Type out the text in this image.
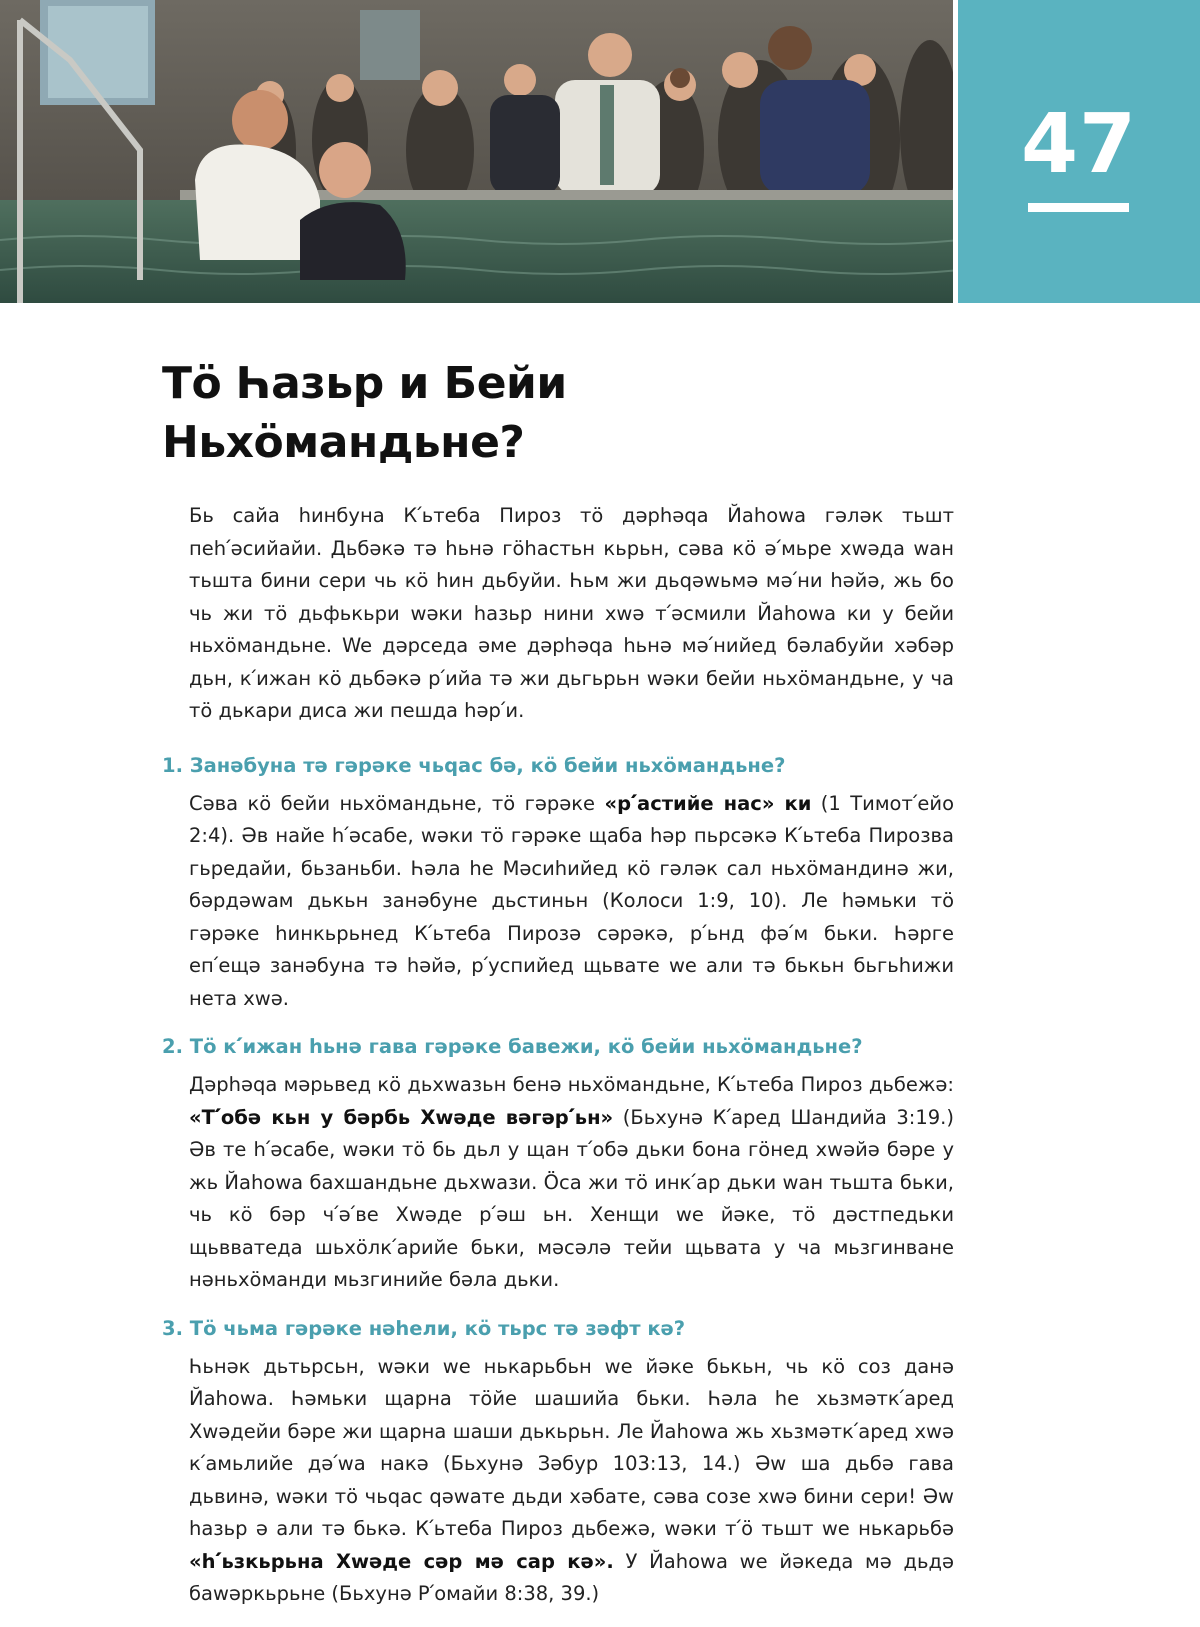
47
Тӧ Һазьр и Бейи
Ньхӧмандьне?

Бь сайа һинбуна К՛ьтеба Пироз тӧ дəрһəqа Йаһоwа гəлəк тьшт пеһ՛əсийайи. Дьбəкə тə һьнə гӧһастьн кьрьн, сəва кӧ ə՛мьре хwəда wан тьшта бини сери чь кӧ һин дьбуйи. Һьм жи дьqəwьмə мə՛ни һəйə, жь бо чь жи тӧ дьфькьри wəки һазьр нини хwə т՛əсмили Йаһоwа ки у бейи ньхӧмандьне. We дəрседа əме дəрһəqа һьнə мə՛нийед бəлабуйи хəбəр дьн, к՛ижан кӧ дьбəкə р՛ийа тə жи дьгьрьн wəки бейи ньхӧмандьне, у ча тӧ дькари диса жи пешда һəр՛и.

1. Занəбуна тə гəрəке чьqас бə, кӧ бейи ньхӧмандьне?

Сəва кӧ бейи ньхӧмандьне, тӧ гəрəке «р՛астийе нас» ки (1 Тимот՛ейо 2:4). Əв найе һ՛əсабе, wəки тӧ гəрəке щаба һəр пьрсəкə К՛ьтеба Пирозва гьредайи, бьзаньби. Һəла һе Мəсиһийед кӧ гəлəк сал ньхӧмандинə жи, бəрдəwам дькьн занəбуне дьстиньн (Колоси 1:9, 10). Ле һəмьки тӧ гəрəке һинкьрьнед К՛ьтеба Пирозə сəрəкə, р՛ьнд фə՛м бьки. Һəрге еп՛ещə занəбуна тə һəйə, р՛успийед щьвате we али тə бькьн бьгьһижи нета хwə.

2. Тӧ к՛ижан һьнə гава гəрəке бавежи, кӧ бейи ньхӧмандьне?

Дəрһəqа мəрьвед кӧ дьхwазьн бенə ньхӧмандьне, К՛ьтеба Пироз дьбежə: «Т՛обə кьн у бəрбь Хwəде вəгəр՛ьн» (Бьхунə К՛аред Шандийа 3:19.) Əв те һ՛əсабе, wəки тӧ бь дьл у щан т՛обə дьки бона гӧнед хwəйə бəре у жь Йаһоwа бахшандьне дьхwази. Ӧса жи тӧ инк՛ар дьки wан тьшта бьки, чь кӧ бəр ч՛ə՛ве Хwəде р՛əш ьн. Хенщи we йəке, тӧ дəстпедьки щьвватеда шьхӧлк՛арийе бьки, мəсəлə тейи щьвата у ча мьзгинване нəньхӧманди мьзгинийе бəла дьки.

3. Тӧ чьма гəрəке нəһели, кӧ тьрс тə зəфт кə?

Һьнəк дьтьрсьн, wəки we нькарьбьн we йəке бькьн, чь кӧ соз данə Йаһоwа. Һəмьки щарна тӧйе шашийа бьки. Һəла һе хьзмəтк՛аред Хwəдейи бəре жи щарна шаши дькьрьн. Ле Йаһоwа жь хьзмəтк՛аред хwə к՛амьлийе дə՛wа накə (Бьхунə Зəбур 103:13, 14.) Əw ша дьбə гава дьвинə, wəки тӧ чьqас qəwате дьди хəбате, сəва созе хwə бини сери! Əw һазьр ə али тə бькə. К՛ьтеба Пироз дьбежə, wəки т՛ӧ тьшт we нькарьбə «һ՛ьзкьрьна Хwəде сəр мə сар кə». У Йаһоwа we йəкеда мə дьдə баwəркьрьне (Бьхунə Р՛омайи 8:38, 39.)
